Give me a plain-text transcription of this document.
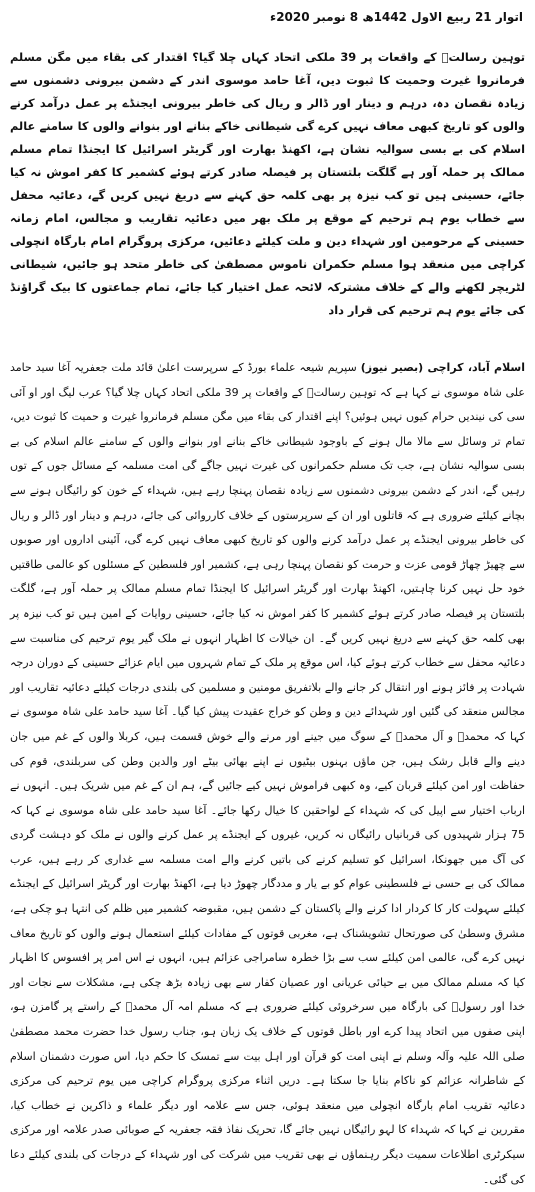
اتوار 21 ربیع الاول 1442ھ 8 نومبر 2020ء
توہین رسالتؐ کے واقعات پر 39 ملکی اتحاد کہاں چلا گیا؟ اقتدار کی بقاء میں مگن مسلم فرمانروا غیرت وحمیت کا ثبوت دیں، آغا حامد موسوی اندر کے دشمن بیرونی دشمنوں سے زیادہ نقصان دہ، درہم و دینار اور ڈالر و ریال کی خاطر بیرونی ایجنڈے پر عمل درآمد کرنے والوں کو تاریخ کبھی معاف نہیں کرے گی شیطانی خاکے بنانے اور بنوانے والوں کا سامنے عالم اسلام کی بے بسی سوالیہ نشان ہے، اکھنڈ بھارت اور گریٹر اسرائیل کا ایجنڈا تمام مسلم ممالک پر حملہ آور ہے گلگت بلتستان پر فیصلہ صادر کرتے ہوئے کشمیر کا کفر اموش نہ کیا جائے، حسینی ہیں تو کب نیزہ پر بھی کلمہ حق کہنے سے دریغ نہیں کریں گے، دعائیہ محفل سے خطاب یوم ہم ترحیم کے موقع پر ملک بھر میں دعائیہ تقاریب و مجالس، امام زمانہ حسینی کے مرحومین اور شہداء دین و ملت کیلئے دعائیں، مرکزی پروگرام امام بارگاہ انچولی کراچی میں منعقد ہوا مسلم حکمران ناموس مصطفیٰ کی خاطر متحد ہو جائیں، شیطانی لٹریچر لکھنے والے کے خلاف مشترکہ لائحہ عمل اختیار کیا جائے، تمام جماعتوں کا بیک گراؤنڈ کی جائے یوم ہم ترحیم کی قرار داد

اسلام آباد، کراچی (بصیر نیوز) سپریم شیعہ علماء بورڈ کے سرپرست اعلیٰ قائد ملت جعفریہ آغا سید حامد علی شاہ موسوی نے کہا ہے کہ توہین رسالتؐ کے واقعات پر 39 ملکی اتحاد کہاں چلا گیا؟ عرب لیگ اور او آئی سی کی نیندیں حرام کیوں نہیں ہوئیں؟ اپنے اقتدار کی بقاء میں مگن مسلم فرمانروا غیرت و حمیت کا ثبوت دیں، تمام تر وسائل سے مالا مال ہونے کے باوجود شیطانی خاکے بنانے اور بنوانے والوں کے سامنے عالم اسلام کی بے بسی سوالیہ نشان ہے، جب تک مسلم حکمرانوں کی غیرت نہیں جاگے گی امت مسلمہ کے مسائل جوں کے توں رہیں گے، اندر کے دشمن بیرونی دشمنوں سے زیادہ نقصان پہنچا رہے ہیں، شہداء کے خون کو رائیگاں ہونے سے بچانے کیلئے ضروری ہے کہ قاتلوں اور ان کے سرپرستوں کے خلاف کارروائی کی جائے، درہم و دینار اور ڈالر و ریال کی خاطر بیرونی ایجنڈے پر عمل درآمد کرنے والوں کو تاریخ کبھی معاف نہیں کرے گی، آئینی اداروں اور صوبوں سے چھیڑ چھاڑ قومی عزت و حرمت کو نقصان پہنچا رہی ہے، کشمیر اور فلسطین کے مسئلوں کو عالمی طاقتیں خود حل نہیں کرنا چاہتیں، اکھنڈ بھارت اور گریٹر اسرائیل کا ایجنڈا تمام مسلم ممالک پر حملہ آور ہے، گلگت بلتستان پر فیصلہ صادر کرتے ہوئے کشمیر کا کفر اموش نہ کیا جائے، حسینی روایات کے امین ہیں تو کب نیزہ پر بھی کلمہ حق کہنے سے دریغ نہیں کریں گے۔ ان خیالات کا اظہار انہوں نے ملک گیر یوم ترحیم کی مناسبت سے دعائیہ محفل سے خطاب کرتے ہوئے کیا، اس موقع پر ملک کے تمام شہروں میں ایام عزائے حسینی کے دوران درجہ شہادت پر فائز ہونے اور انتقال کر جانے والے بلاتفریق مومنین و مسلمین کی بلندی درجات کیلئے دعائیہ تقاریب اور مجالس منعقد کی گئیں اور شہدائے دین و وطن کو خراج عقیدت پیش کیا گیا۔ آغا سید حامد علی شاہ موسوی نے کہا کہ محمدؐ و آل محمدؐ کے سوگ میں جینے اور مرنے والے خوش قسمت ہیں، کربلا والوں کے غم میں جان دینے والے قابل رشک ہیں، جن ماؤں بہنوں بیٹیوں نے اپنے بھائی بیٹے اور والدین وطن کی سربلندی، قوم کی حفاظت اور امن کیلئے قربان کیے، وہ کبھی فراموش نہیں کیے جائیں گے، ہم ان کے غم میں شریک ہیں۔ انہوں نے ارباب اختیار سے اپیل کی کہ شہداء کے لواحقین کا خیال رکھا جائے۔ آغا سید حامد علی شاہ موسوی نے کہا کہ 75 ہزار شہیدوں کی قربانیاں رائیگاں نہ کریں، غیروں کے ایجنڈے پر عمل کرنے والوں نے ملک کو دہشت گردی کی آگ میں جھونکا، اسرائیل کو تسلیم کرنے کی باتیں کرنے والے امت مسلمہ سے غداری کر رہے ہیں، عرب ممالک کی بے حسی نے فلسطینی عوام کو بے یار و مددگار چھوڑ دیا ہے، اکھنڈ بھارت اور گریٹر اسرائیل کے ایجنڈے کیلئے سہولت کار کا کردار ادا کرنے والے پاکستان کے دشمن ہیں، مقبوضہ کشمیر میں ظلم کی انتہا ہو چکی ہے، مشرق وسطیٰ کی صورتحال تشویشناک ہے، مغربی قوتوں کے مفادات کیلئے استعمال ہونے والوں کو تاریخ معاف نہیں کرے گی، عالمی امن کیلئے سب سے بڑا خطرہ سامراجی عزائم ہیں، انہوں نے اس امر پر افسوس کا اظہار کیا کہ مسلم ممالک میں بے حیائی عریانی اور عصیان کفار سے بھی زیادہ بڑھ چکی ہے، مشکلات سے نجات اور خدا اور رسولؐ کی بارگاہ میں سرخروئی کیلئے ضروری ہے کہ مسلم امہ آل محمدؐ کے راستے پر گامزن ہو، اپنی صفوں میں اتحاد پیدا کرے اور باطل قوتوں کے خلاف یک زبان ہو، جناب رسول خدا حضرت محمد مصطفیٰ صلی اللہ علیہ وآلہ وسلم نے اپنی امت کو قرآن اور اہل بیت سے تمسک کا حکم دیا، اس صورت دشمنان اسلام کے شاطرانہ عزائم کو ناکام بنایا جا سکتا ہے۔ دریں اثناء مرکزی پروگرام کراچی میں یوم ترحیم کی مرکزی دعائیہ تقریب امام بارگاہ انچولی میں منعقد ہوئی، جس سے علامہ اور دیگر علماء و ذاکرین نے خطاب کیا، مقررین نے کہا کہ شہداء کا لہو رائیگاں نہیں جائے گا، تحریک نفاذ فقہ جعفریہ کے صوبائی صدر علامہ اور مرکزی سیکرٹری اطلاعات سمیت دیگر رہنماؤں نے بھی تقریب میں شرکت کی اور شہداء کے درجات کی بلندی کیلئے دعا کی گئی۔
